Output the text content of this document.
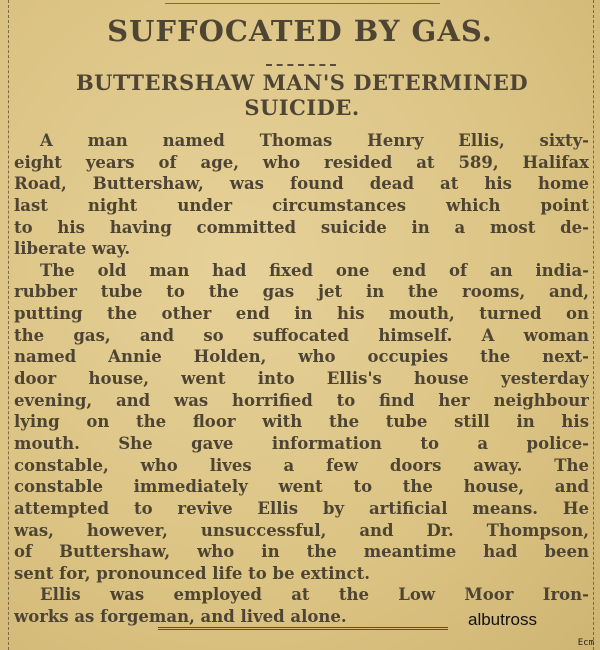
SUFFOCATED BY GAS.
BUTTERSHAW MAN'S DETERMINED
SUICIDE.
A man named Thomas Henry Ellis, sixty-
eight years of age, who resided at 589, Halifax
Road, Buttershaw, was found dead at his home
last night under circumstances which point
to his having committed suicide in a most de-
liberate way.
The old man had fixed one end of an india-
rubber tube to the gas jet in the rooms, and,
putting the other end in his mouth, turned on
the gas, and so suffocated himself. A woman
named Annie Holden, who occupies the next-
door house, went into Ellis's house yesterday
evening, and was horrified to find her neighbour
lying on the floor with the tube still in his
mouth. She gave information to a police-
constable, who lives a few doors away. The
constable immediately went to the house, and
attempted to revive Ellis by artificial means. He
was, however, unsuccessful, and Dr. Thompson,
of Buttershaw, who in the meantime had been
sent for, pronounced life to be extinct.
Ellis was employed at the Low Moor Iron-
works as forgeman, and lived alone.	albutross
Ecm
